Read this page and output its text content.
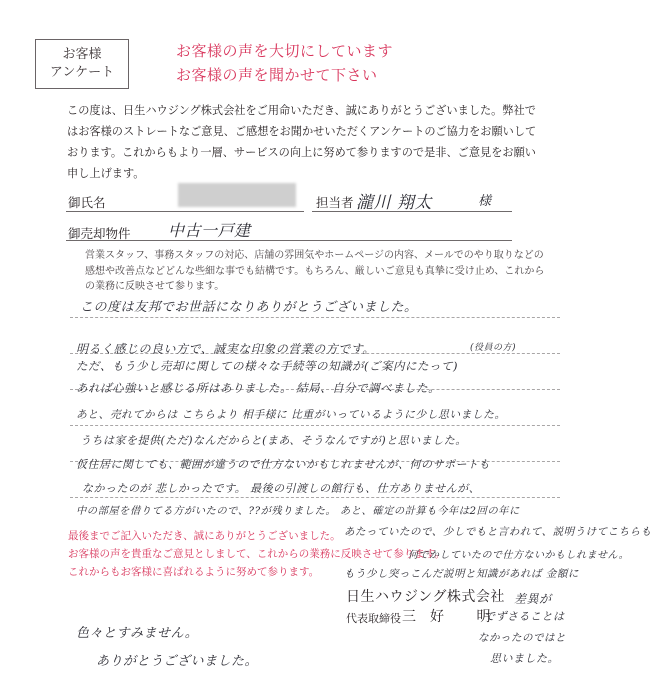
お客様
アンケート
お客様の声を大切にしています
お客様の声を聞かせて下さい
この度は、日生ハウジング株式会社をご用命いただき、誠にありがとうございました。弊社ではお客様のストレートなご意見、ご感想をお聞かせいただくアンケートのご協力をお願いしております。これからもより一層、サービスの向上に努めて参りますので是非、ご意見をお願い申し上げます。
御氏名	担当者 瀧川 翔太	様
御売却物件 中古一戸建
営業スタッフ、事務スタッフの対応、店舗の雰囲気やホームページの内容、メールでのやり取りなどの感想や改善点などどんな些細な事でも結構です。もちろん、厳しいご意見も真摯に受け止め、これからの業務に反映させて参ります。
この度は友邦でお世話になりありがとうございました。
(役員の方)
明るく感じの良い方で、誠実な印象の営業の方です。
ただ、もう少し売却に関しての様々な手続等の知識が(ご案内にたって)
あれば心強いと感じる所はありました。 結局、自分で調べました。
あと、売れてからは こちらより 相手様に 比重がいっているように少し思いました。
うちは家を提供(ただ)なんだからと(まあ、そうなんですが)と思いました。
仮住居に関しても、範囲が違うので仕方ないかもしれませんが、何のサポートも
なかったのが 悲しかったです。 最後の引渡しの館行も、仕方ありませんが、
中の部屋を借りてる方がいたので、??が残りました。 あと、確定の計算も今年は2回の年に
最後までご記入いただき、誠にありがとうございました。
お客様の声を貴重なご意見としまして、これからの業務に反映させて参ります。
これからもお客様に喜ばれるように努めて参ります。
あたっていたので、少しでもと言われて、説明うけてこちらも
何でかしていたので仕方ないかもしれません。
もう少し突っこんだ説明と知識があれば 金額に
日生ハウジング株式会社
代表取締役 三好 明
差異が
でずさることは
なかったのではと
思いました。
色々とすみません。
ありがとうございました。
